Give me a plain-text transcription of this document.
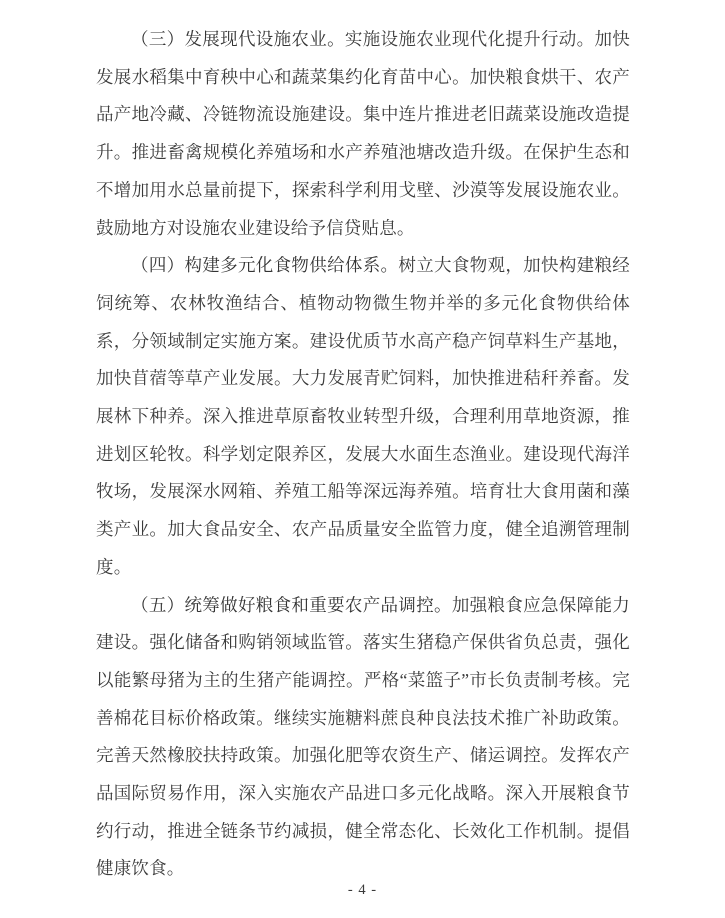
（三）发展现代设施农业。实施设施农业现代化提升行动。加快发展水稻集中育秧中心和蔬菜集约化育苗中心。加快粮食烘干、农产品产地冷藏、冷链物流设施建设。集中连片推进老旧蔬菜设施改造提升。推进畜禽规模化养殖场和水产养殖池塘改造升级。在保护生态和不增加用水总量前提下，探索科学利用戈壁、沙漠等发展设施农业。鼓励地方对设施农业建设给予信贷贴息。

（四）构建多元化食物供给体系。树立大食物观，加快构建粮经饲统筹、农林牧渔结合、植物动物微生物并举的多元化食物供给体系，分领域制定实施方案。建设优质节水高产稳产饲草料生产基地，加快苜蓿等草产业发展。大力发展青贮饲料，加快推进秸秆养畜。发展林下种养。深入推进草原畜牧业转型升级，合理利用草地资源，推进划区轮牧。科学划定限养区，发展大水面生态渔业。建设现代海洋牧场，发展深水网箱、养殖工船等深远海养殖。培育壮大食用菌和藻类产业。加大食品安全、农产品质量安全监管力度，健全追溯管理制度。

（五）统筹做好粮食和重要农产品调控。加强粮食应急保障能力建设。强化储备和购销领域监管。落实生猪稳产保供省负总责，强化以能繁母猪为主的生猪产能调控。严格“菜篮子”市长负责制考核。完善棉花目标价格政策。继续实施糖料蔗良种良法技术推广补助政策。完善天然橡胶扶持政策。加强化肥等农资生产、储运调控。发挥农产品国际贸易作用，深入实施农产品进口多元化战略。深入开展粮食节约行动，推进全链条节约减损，健全常态化、长效化工作机制。提倡健康饮食。

- 4 -
